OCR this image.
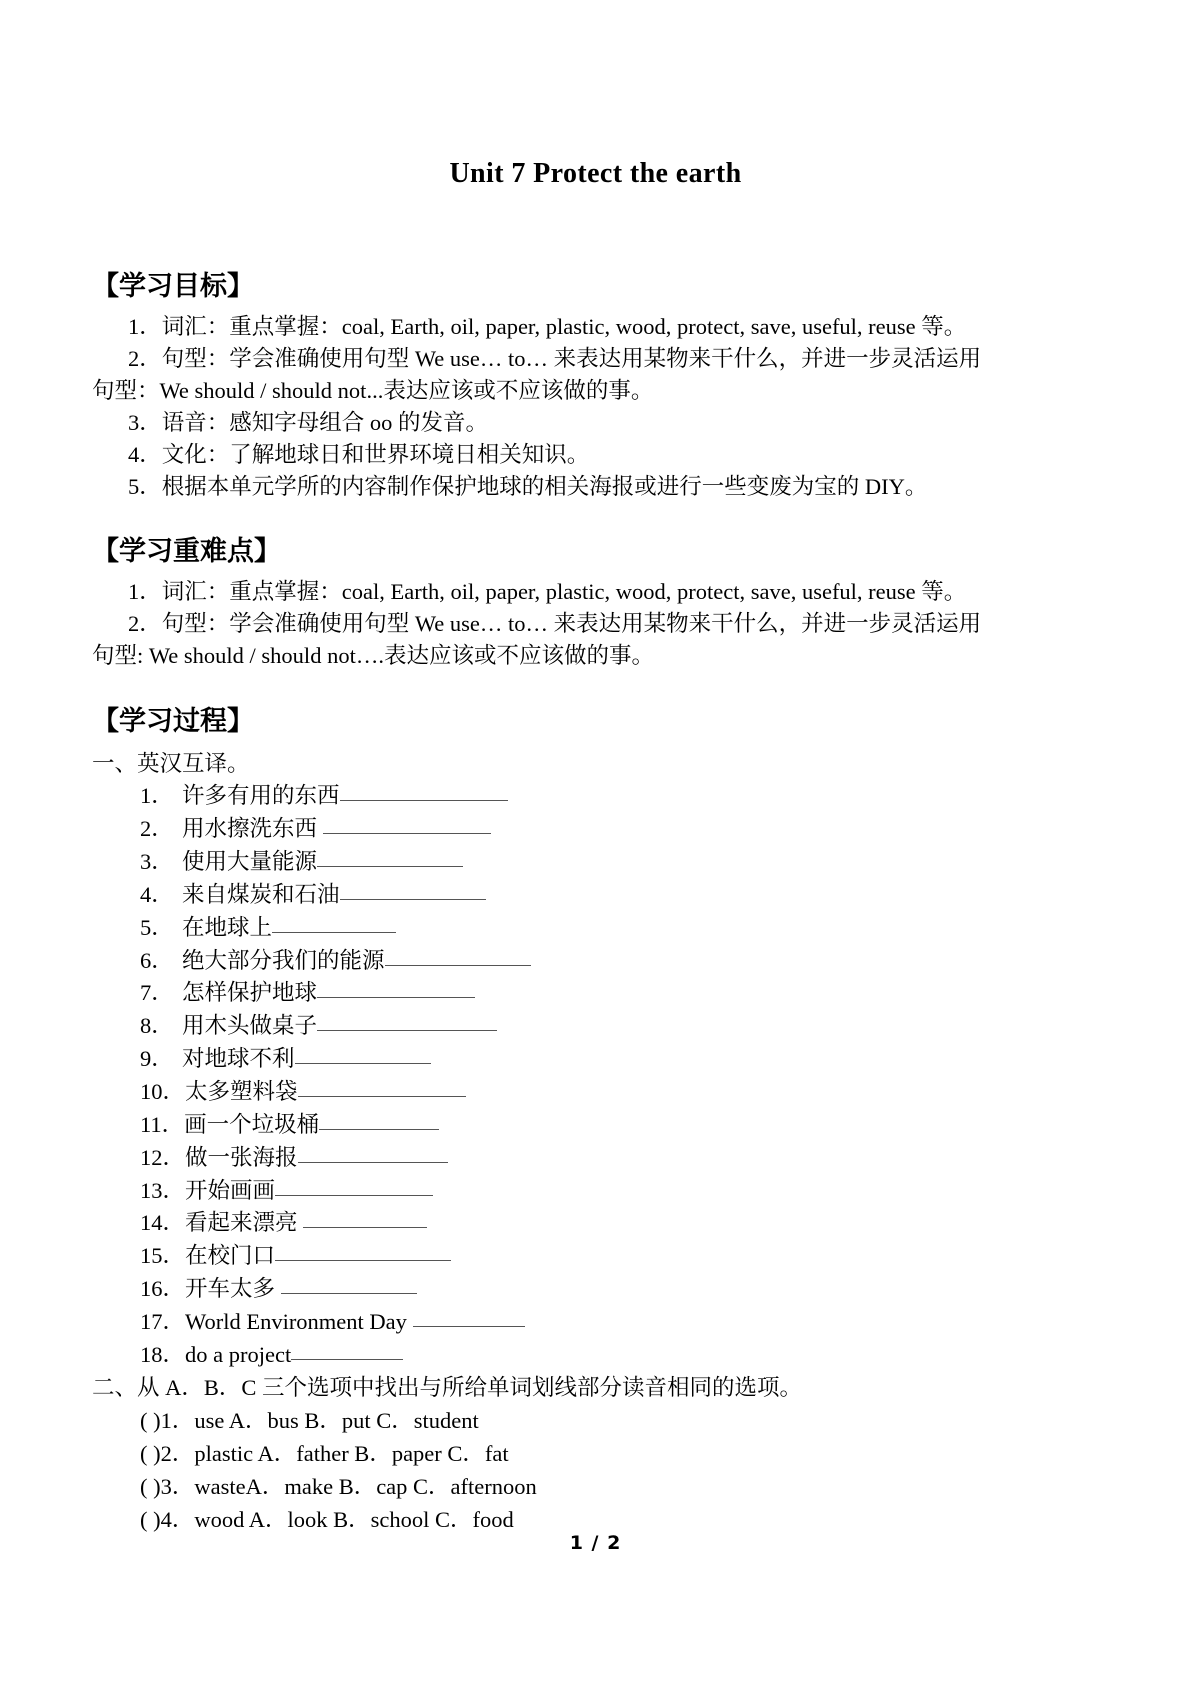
Unit 7 Protect the earth
【学习目标】
1．词汇：重点掌握：coal, Earth, oil, paper, plastic, wood, protect, save, useful, reuse 等。
2．句型：学会准确使用句型 We use… to… 来表达用某物来干什么，并进一步灵活运用
句型：We should / should not...表达应该或不应该做的事。
3．语音：感知字母组合 oo 的发音。
4．文化：了解地球日和世界环境日相关知识。
5．根据本单元学所的内容制作保护地球的相关海报或进行一些变废为宝的 DIY。
【学习重难点】
1．词汇：重点掌握：coal, Earth, oil, paper, plastic, wood, protect, save, useful, reuse 等。
2．句型：学会准确使用句型 We use… to… 来表达用某物来干什么，并进一步灵活运用
句型: We should / should not….表达应该或不应该做的事。
【学习过程】
一、英汉互译。
1． 许多有用的东西
2． 用水擦洗东西
3． 使用大量能源
4． 来自煤炭和石油
5． 在地球上
6． 绝大部分我们的能源
7． 怎样保护地球
8． 用木头做桌子
9． 对地球不利
10．太多塑料袋
11．画一个垃圾桶
12．做一张海报
13．开始画画
14．看起来漂亮
15．在校门口
16．开车太多
17．World Environment Day
18．do a project
二、从 A．B．C 三个选项中找出与所给单词划线部分读音相同的选项。
( )1．use A．bus B．put C．student
( )2．plastic A．father B．paper C．fat
( )3．wasteA．make B．cap C．afternoon
( )4．wood A．look B．school C．food
1 / 2
